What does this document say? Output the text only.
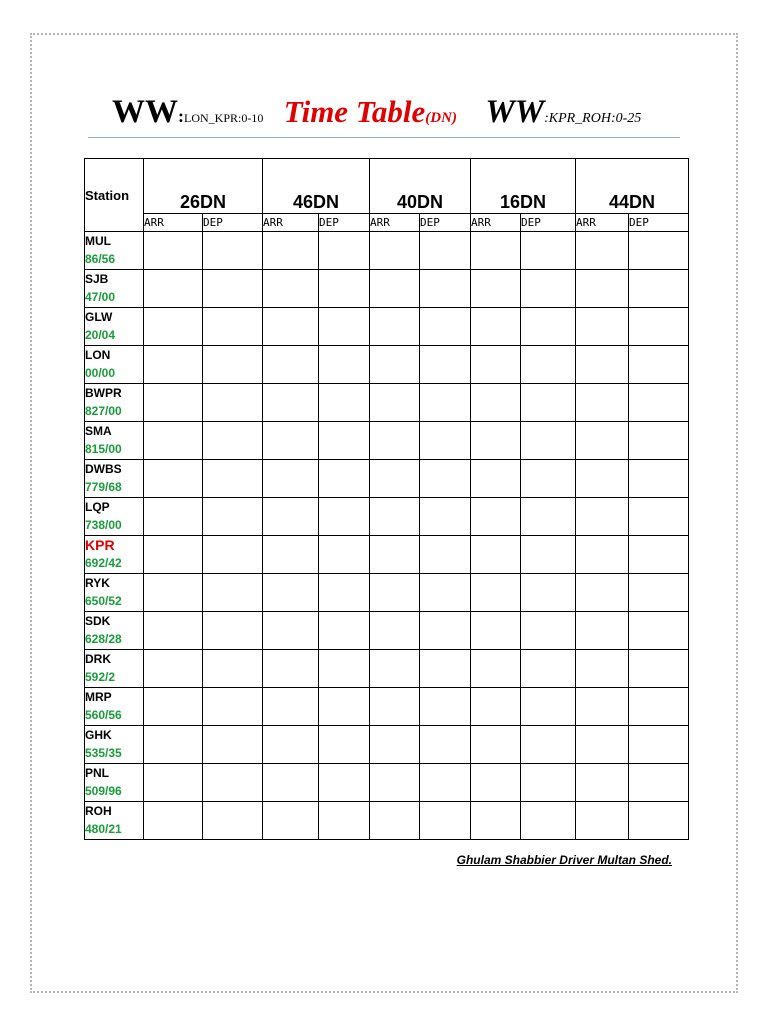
WW:LON_KPR:0-10 Time Table(DN) WW:KPR_ROH:0-25
Station	26DN		46DN		40DN		16DN		44DN	
	ARR	DEP	ARR	DEP	ARR	DEP	ARR	DEP	ARR	DEP

MUL
86/56										

SJB
47/00										

GLW
20/04										

LON
00/00										

BWPR
827/00										

SMA
815/00										

DWBS
779/68										

LQP
738/00										

KPR
692/42										

RYK
650/52										

SDK
628/28										

DRK
592/2										

MRP
560/56										

GHK
535/35										

PNL
509/96										

ROH
480/21										

Ghulam Shabbier Driver Multan Shed.
